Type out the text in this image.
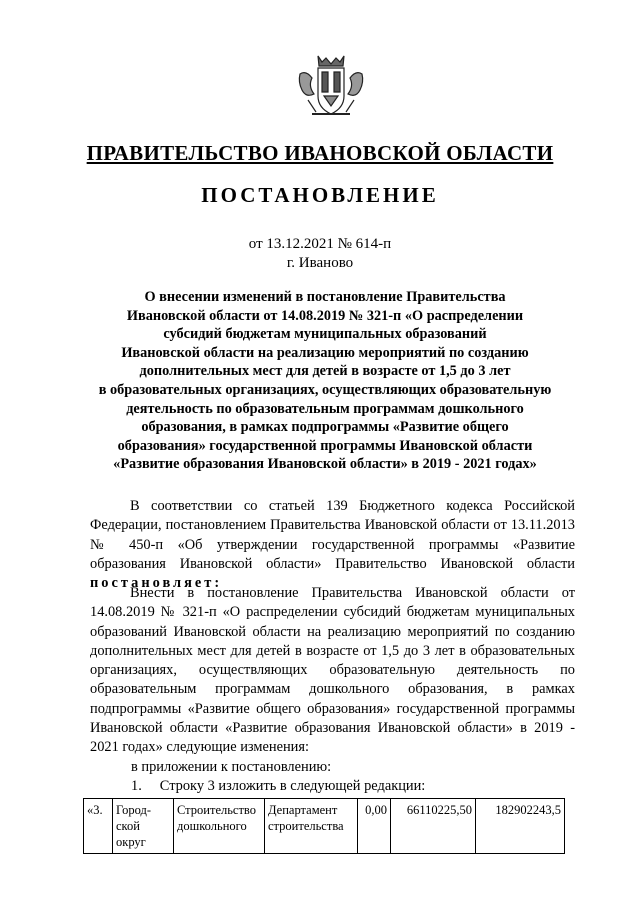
ПРАВИТЕЛЬСТВО ИВАНОВСКОЙ ОБЛАСТИ
ПОСТАНОВЛЕНИЕ
от 13.12.2021 № 614-п
г. Иваново
О внесении изменений в постановление Правительства
Ивановской области от 14.08.2019 № 321-п «О распределении
субсидий бюджетам муниципальных образований
Ивановской области на реализацию мероприятий по созданию
дополнительных мест для детей в возрасте от 1,5 до 3 лет
в образовательных организациях, осуществляющих образовательную
деятельность по образовательным программам дошкольного
образования, в рамках подпрограммы «Развитие общего
образования» государственной программы Ивановской области
«Развитие образования Ивановской области» в 2019 - 2021 годах»
В соответствии со статьей 139 Бюджетного кодекса Российской Федерации, постановлением Правительства Ивановской области от 13.11.2013 № 450-п «Об утверждении государственной программы «Развитие образования Ивановской области» Правительство Ивановской области постановляет:
Внести в постановление Правительства Ивановской области от 14.08.2019 № 321-п «О распределении субсидий бюджетам муниципальных образований Ивановской области на реализацию мероприятий по созданию дополнительных мест для детей в возрасте от 1,5 до 3 лет в образовательных организациях, осуществляющих образовательную деятельность по образовательным программам дошкольного образования, в рамках подпрограммы «Развитие общего образования» государственной программы Ивановской области «Развитие образования Ивановской области» в 2019 - 2021 годах» следующие изменения:
в приложении к постановлению:
1.     Строку 3 изложить в следующей редакции:
«3.	Город-ской округ	Строительство дошкольного	Департамент строительства	0,00	66110225,50	182902243,5
